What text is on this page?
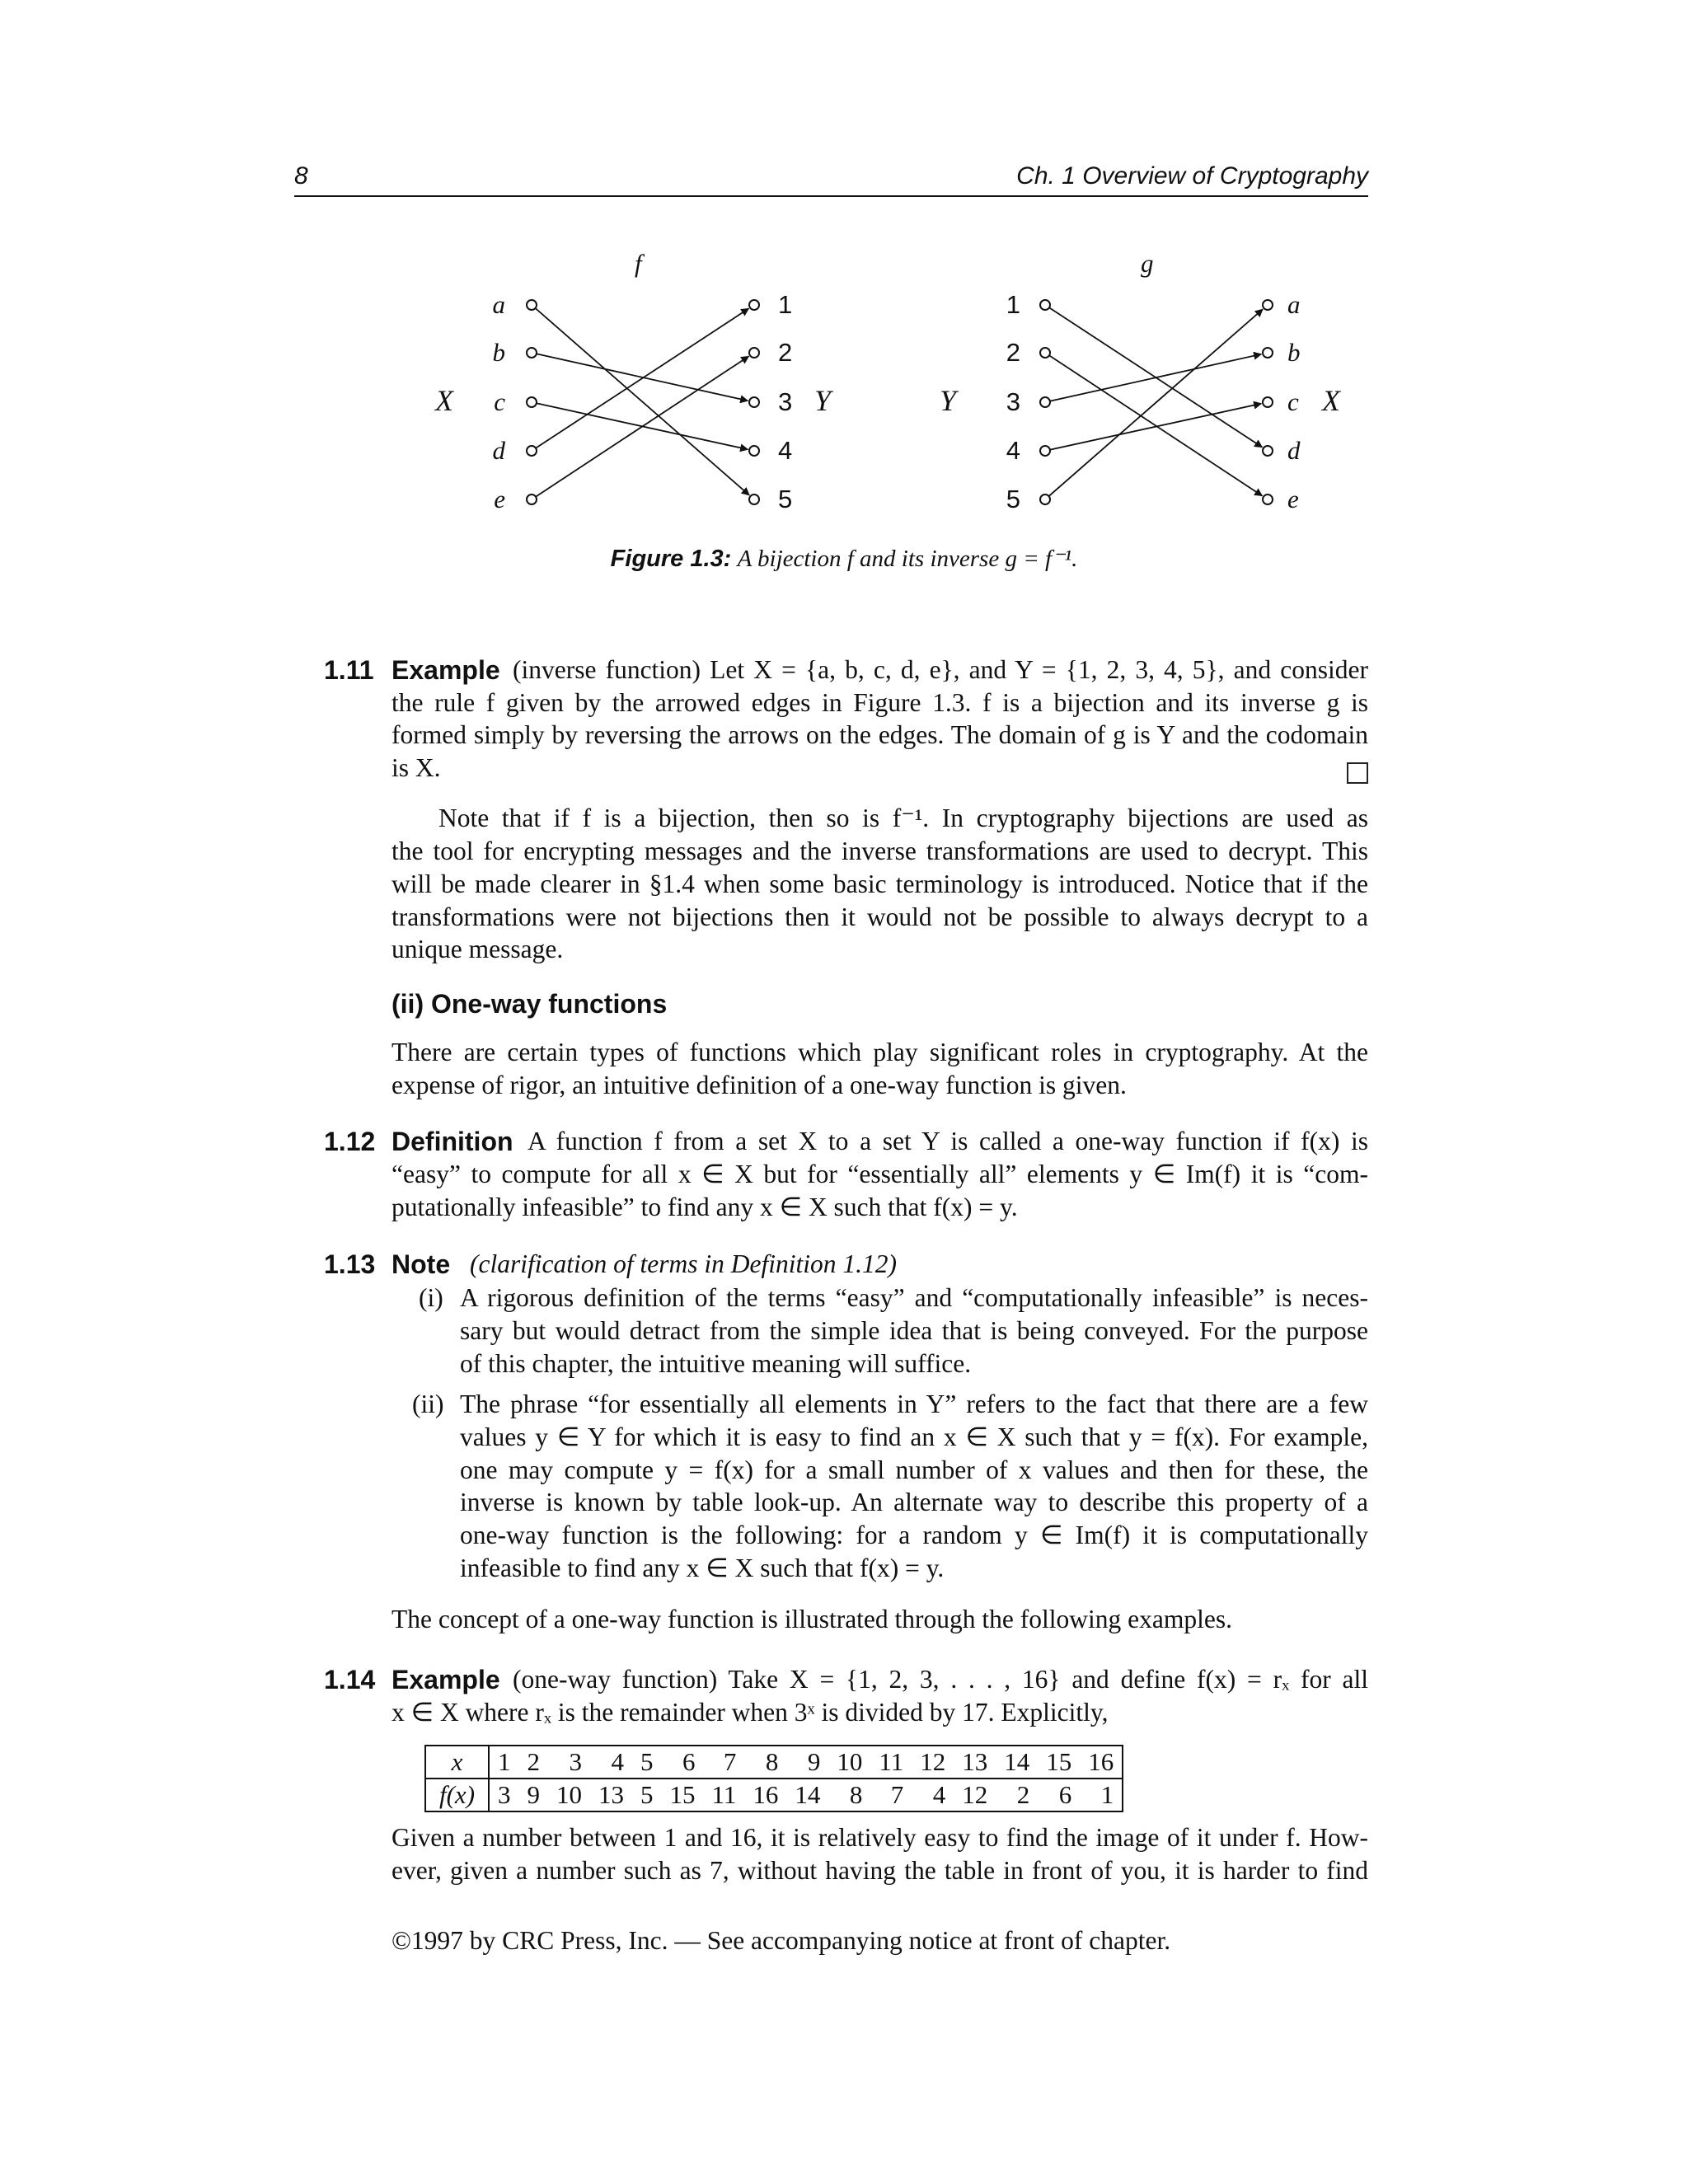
8	Ch. 1 Overview of Cryptography
f	g
X	Y	Y	X
a	1
b	2
c	3
d	4
e	5
1	a
2	b
3	c
4	d
5	e
Figure 1.3: A bijection f and its inverse g = f⁻¹.
1.11 Example (inverse function) Let X = {a, b, c, d, e}, and Y = {1, 2, 3, 4, 5}, and consider
the rule f given by the arrowed edges in Figure 1.3. f is a bijection and its inverse g is
formed simply by reversing the arrows on the edges. The domain of g is Y and the codomain
is X.
Note that if f is a bijection, then so is f⁻¹. In cryptography bijections are used as
the tool for encrypting messages and the inverse transformations are used to decrypt. This
will be made clearer in §1.4 when some basic terminology is introduced. Notice that if the
transformations were not bijections then it would not be possible to always decrypt to a
unique message.
(ii) One-way functions
There are certain types of functions which play significant roles in cryptography. At the
expense of rigor, an intuitive definition of a one-way function is given.
1.12 Definition A function f from a set X to a set Y is called a one-way function if f(x) is
“easy” to compute for all x ∈ X but for “essentially all” elements y ∈ Im(f) it is “com-
putationally infeasible” to find any x ∈ X such that f(x) = y.
1.13 Note (clarification of terms in Definition 1.12)
(i) A rigorous definition of the terms “easy” and “computationally infeasible” is neces-
sary but would detract from the simple idea that is being conveyed. For the purpose
of this chapter, the intuitive meaning will suffice.
(ii) The phrase “for essentially all elements in Y” refers to the fact that there are a few
values y ∈ Y for which it is easy to find an x ∈ X such that y = f(x). For example,
one may compute y = f(x) for a small number of x values and then for these, the
inverse is known by table look-up. An alternate way to describe this property of a
one-way function is the following: for a random y ∈ Im(f) it is computationally
infeasible to find any x ∈ X such that f(x) = y.
The concept of a one-way function is illustrated through the following examples.
1.14 Example (one-way function) Take X = {1, 2, 3, . . . , 16} and define f(x) = rₓ for all
x ∈ X where rₓ is the remainder when 3ˣ is divided by 17. Explicitly,
x	1	2	3	4	5	6	7	8	9	10	11	12	13	14	15	16
f(x)	3	9	10	13	5	15	11	16	14	8	7	4	12	2	6	1
Given a number between 1 and 16, it is relatively easy to find the image of it under f. How-
ever, given a number such as 7, without having the table in front of you, it is harder to find
©1997 by CRC Press, Inc. — See accompanying notice at front of chapter.
